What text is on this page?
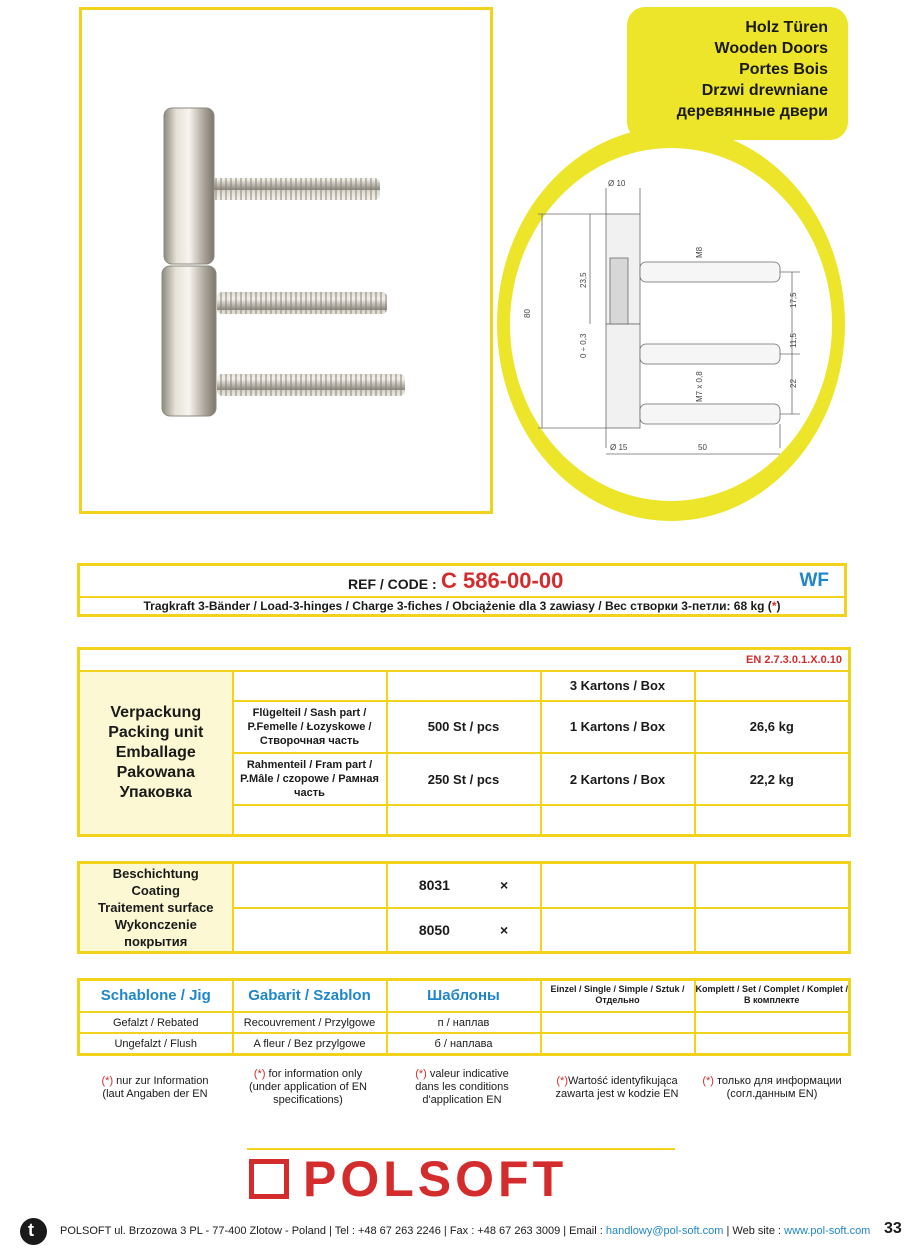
Ø 10
Ø 15	50
80
23,5
0 ÷ 0,3
M8
M7 x 0,8
17,5
11,5
22
Holz Türen
Wooden Doors
Portes Bois
Drzwi drewniane
деревянные двери
REF / CODE : C 586-00-00	WF
Tragkraft 3-Bänder / Load-3-hinges / Charge 3-fiches / Obciążenie dla 3 zawiasy / Вес створки 3-петли: 68 kg (*)
EN 2.7.3.0.1.X.0.10				

Verpackung
Packing unit
Emballage
Pakowana
Упаковка			3 Kartons / Box	
	Flügelteil / Sash part / P.Femelle / Łozyskowe / Створочная часть	500 St / pcs	1 Kartons / Box	26,6 kg
	Rahmenteil / Fram part / P.Mâle / czopowe / Рамная часть	250 St / pcs	2 Kartons / Box	22,2 kg

Beschichtung
Coating
Traitement surface
Wykonczenie
покрытия		8031 ×		
		8050 ×		
Schablone / Jig	Gabarit / Szablon	Шаблоны	Einzel / Single / Simple / Sztuk / Отдельно	Komplett / Set / Complet / Komplet / В комплекте
Gefalzt / Rebated	Recouvrement / Przylgowe	п / наплав		
Ungefalzt / Flush	A fleur / Bez przylgowe	б / наплава		
(*) nur zur Information (laut Angaben der EN
(*) for information only (under application of EN specifications)
(*) valeur indicative dans les conditions d'application EN
(*)Wartość identyfikująca zawarta jest w kodzie EN
(*) только для информации (согл.данным EN)
POLSOFT
t POLSOFT ul. Brzozowa 3 PL - 77-400 Zlotow - Poland | Tel : +48 67 263 2246 | Fax : +48 67 263 3009 | Email : handlowy@pol-soft.com | Web site : www.pol-soft.com 33
